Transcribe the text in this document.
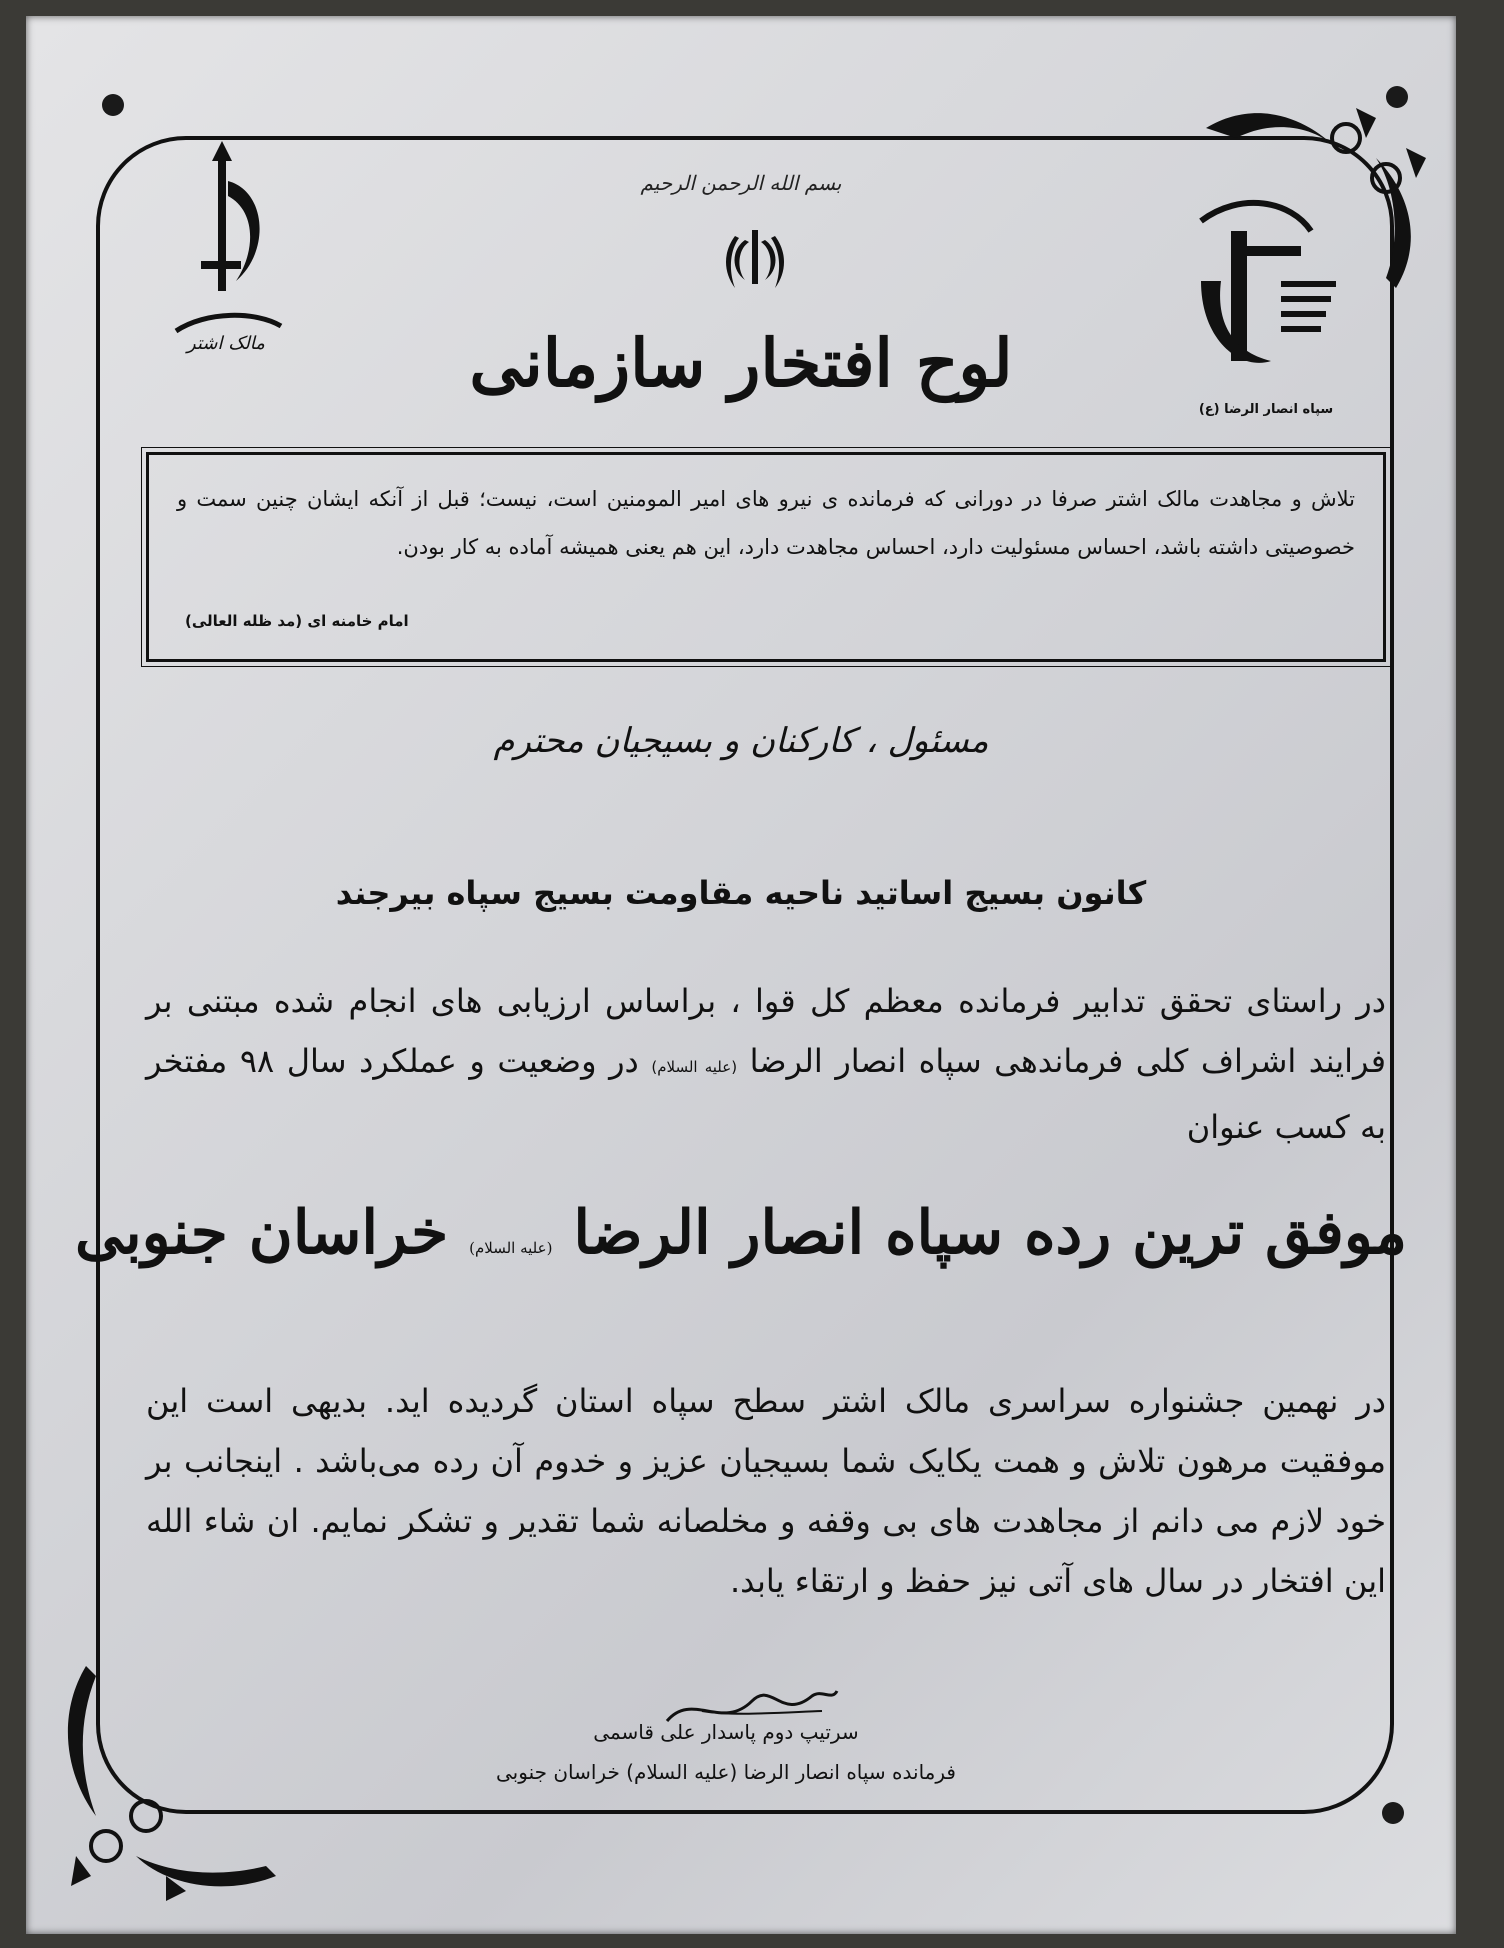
مالک اشتر
سپاه انصار الرضا (ع)
بسم الله الرحمن الرحیم
لوح افتخار سازمانی
تلاش و مجاهدت مالک اشتر صرفا در دورانی که فرمانده ی نیرو های امیر المومنین است، نیست؛ قبل از آنکه ایشان چنین سمت و خصوصیتی داشته باشد، احساس مسئولیت دارد، احساس مجاهدت دارد، این هم یعنی همیشه آماده به کار بودن.
امام خامنه ای (مد ظله العالی)
مسئول ، کارکنان و بسیجیان محترم
کانون بسیج اساتید ناحیه مقاومت بسیج سپاه بیرجند
در راستای تحقق تدابیر فرمانده معظم کل قوا ، براساس ارزیابی های انجام شده مبتنی بر فرایند اشراف کلی فرماندهی سپاه انصار الرضا (علیه السلام) در وضعیت و عملکرد سال ۹۸ مفتخر به کسب عنوان
موفق ترین رده سپاه انصار الرضا (علیه السلام) خراسان جنوبی
در نهمین جشنواره سراسری مالک اشتر سطح سپاه استان گردیده اید. بدیهی است این موفقیت مرهون تلاش و همت یکایک شما بسیجیان عزیز و خدوم آن رده می‌باشد . اینجانب بر خود لازم می دانم از مجاهدت های بی وقفه و مخلصانه شما تقدیر و تشکر نمایم. ان شاء الله این افتخار در سال های آتی نیز حفظ و ارتقاء یابد.
سرتیپ دوم پاسدار علی قاسمی
فرمانده سپاه انصار الرضا (علیه السلام) خراسان جنوبی
